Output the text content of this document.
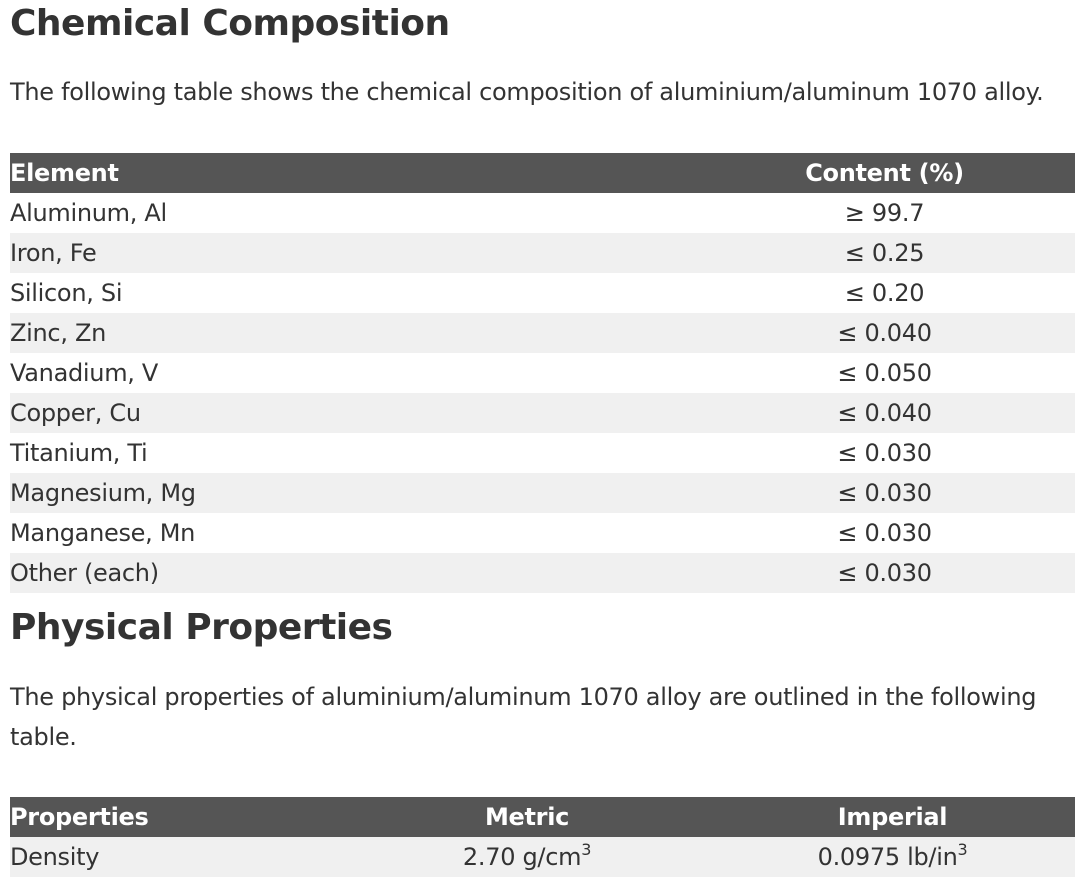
Chemical Composition

The following table shows the chemical composition of aluminium/aluminum 1070 alloy.

Element	Content (%)
Aluminum, Al	≥ 99.7
Iron, Fe	≤ 0.25
Silicon, Si	≤ 0.20
Zinc, Zn	≤ 0.040
Vanadium, V	≤ 0.050
Copper, Cu	≤ 0.040
Titanium, Ti	≤ 0.030
Magnesium, Mg	≤ 0.030
Manganese, Mn	≤ 0.030
Other (each)	≤ 0.030
Physical Properties

The physical properties of aluminium/aluminum 1070 alloy are outlined in the following table.

Properties	Metric	Imperial
Density	2.70 $g/cm^3$	0.0975 $lb/in^3$
